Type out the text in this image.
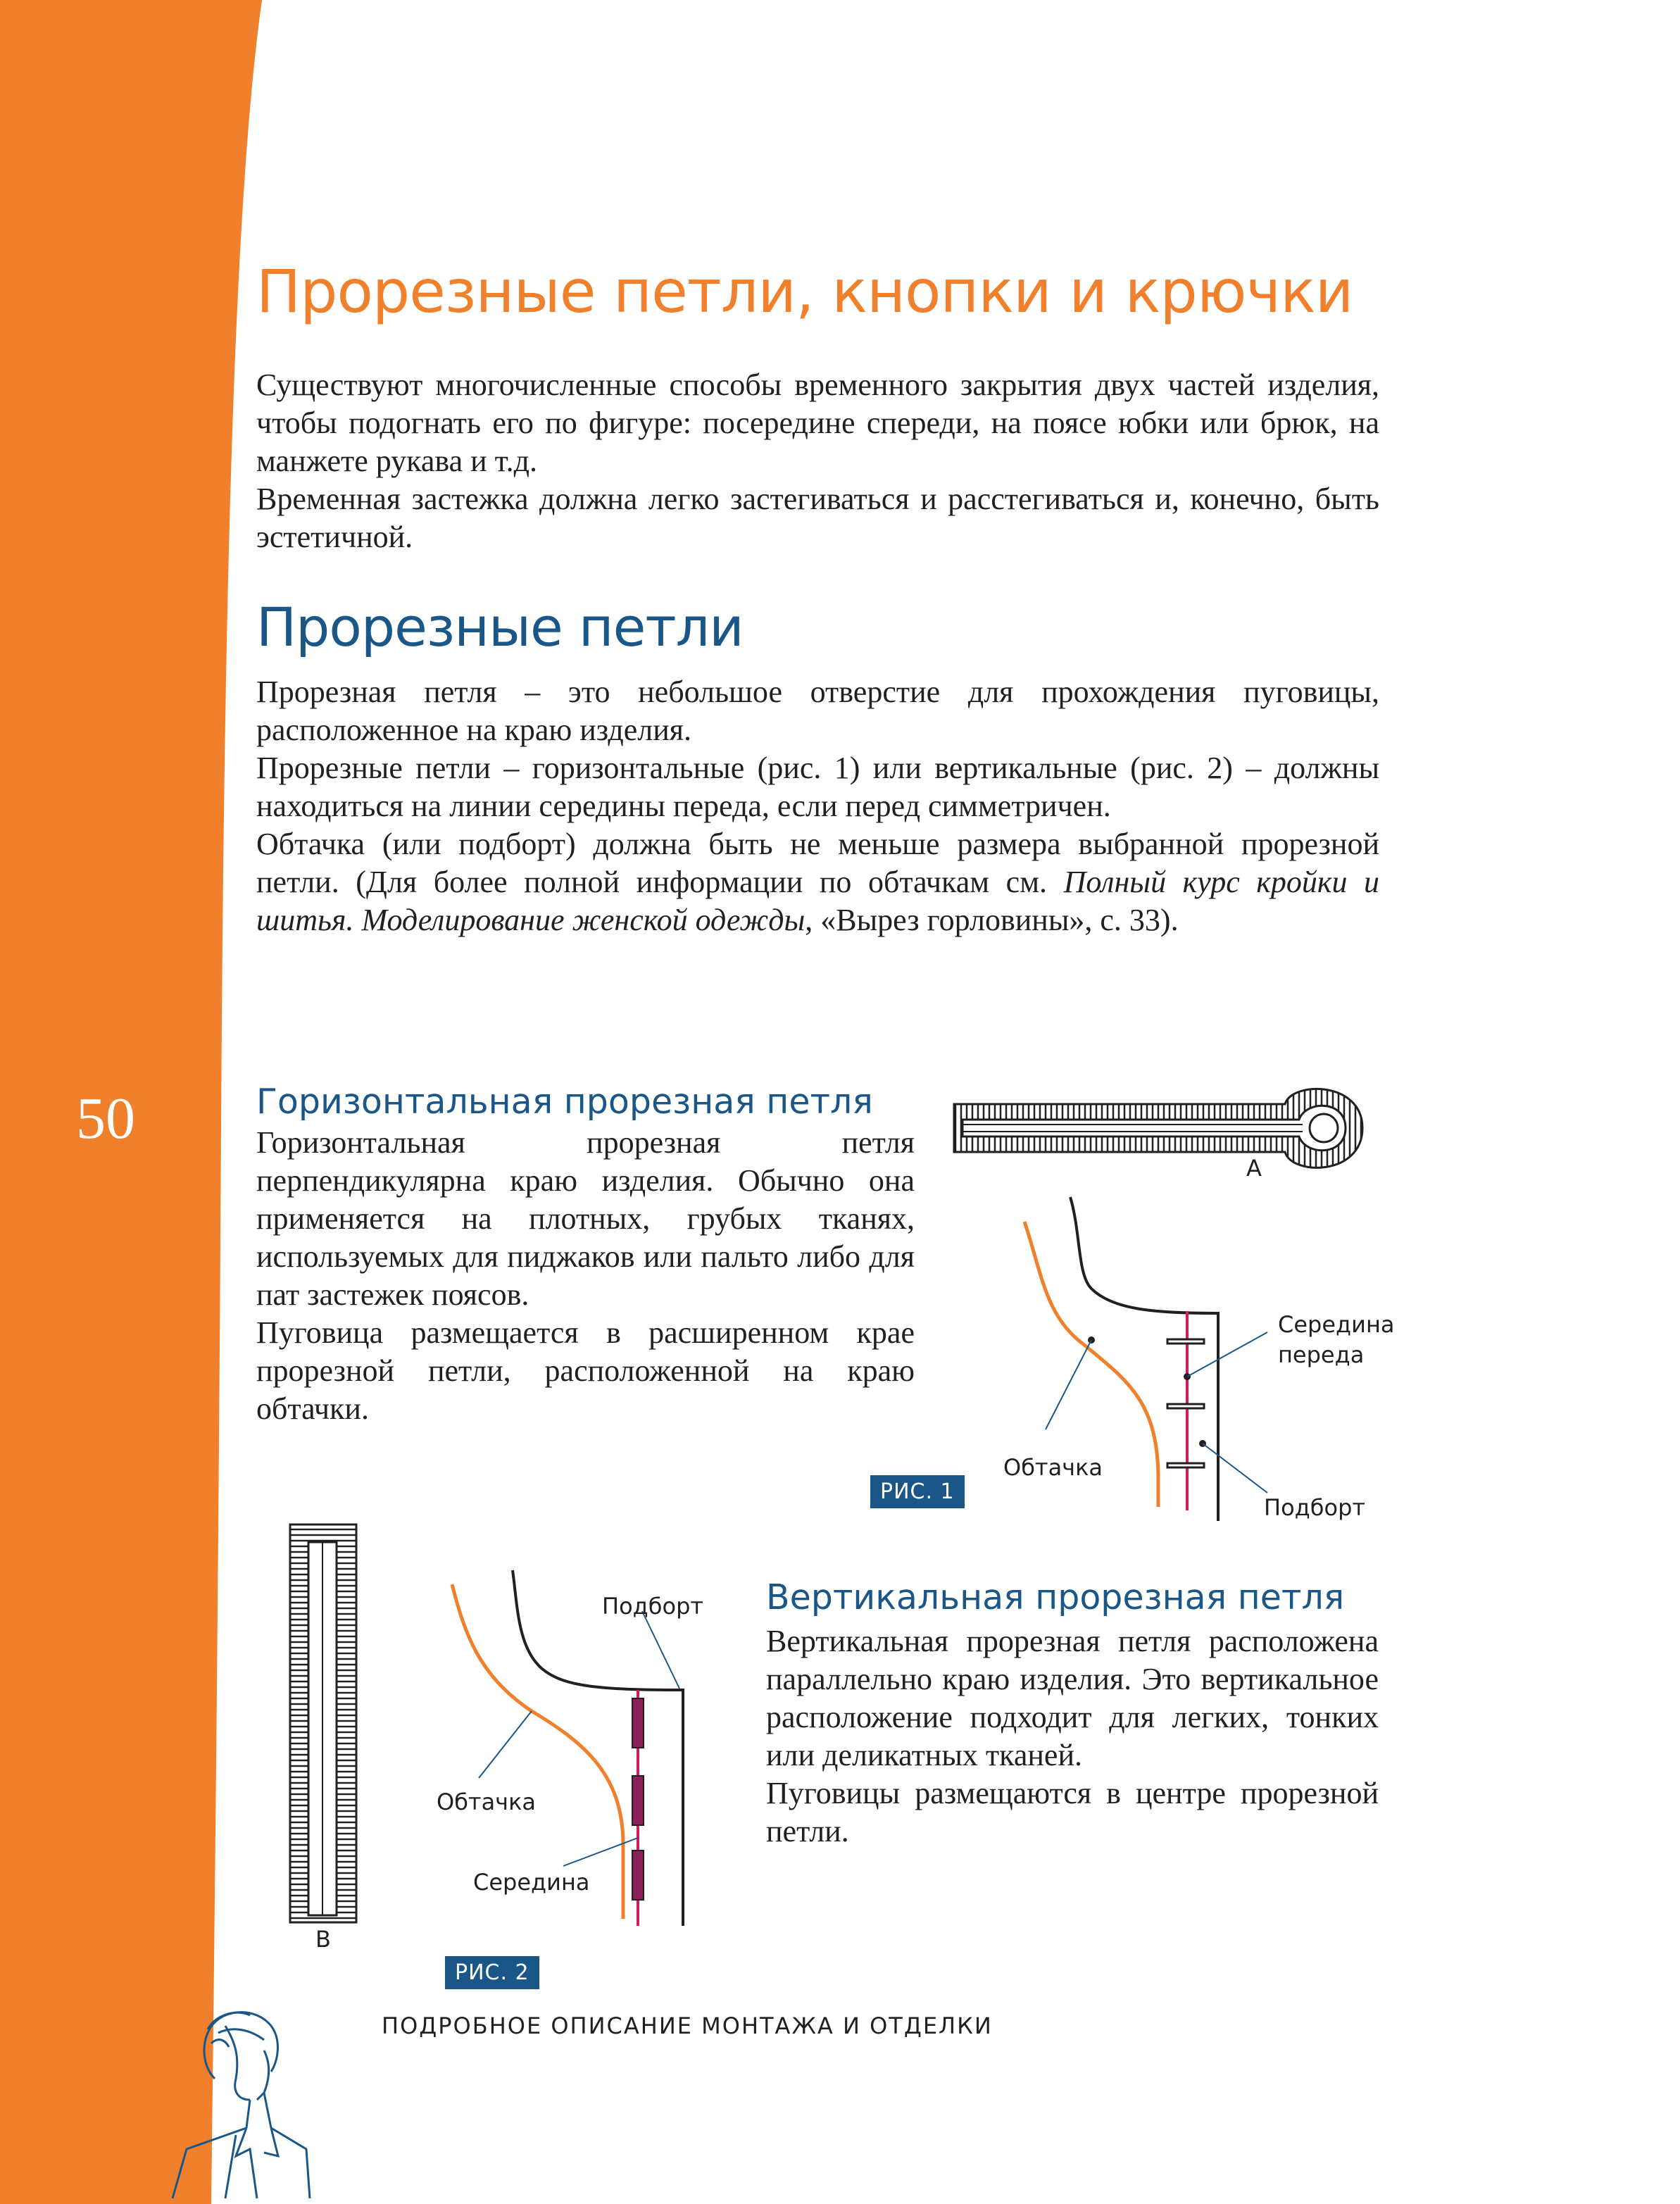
50
Прорезные петли, кнопки и крючки

Существуют многочисленные способы временного закрытия двух частей изделия, чтобы подогнать его по фигуре: посередине спереди, на поясе юбки или брюк, на манжете рукава и т.д.

Временная застежка должна легко застегиваться и расстегиваться и, конечно, быть эстетичной.

Прорезные петли

Прорезная петля – это небольшое отверстие для прохождения пуговицы, расположенное на краю изделия.

Прорезные петли – горизонтальные (рис. 1) или вертикальные (рис. 2) – должны находиться на линии середины переда, если перед симметричен.

Обтачка (или подборт) должна быть не меньше размера выбранной прорезной петли. (Для более полной информации по обтачкам см. Полный курс кройки и шитья. Моделирование женской одежды, «Вырез горловины», с. 33).

Горизонтальная прорезная петля

Горизонтальная прорезная петля перпендикулярна краю изделия. Обычно она применяется на плотных, грубых тканях, используемых для пиджаков или пальто либо для пат застежек поясов.

Пуговица размещается в расширенном крае прорезной петли, расположенной на краю обтачки.

А
Середина
переда
Обтачка
Подборт
РИС. 1
В
Подборт
Обтачка
Середина
РИС. 2
Вертикальная прорезная петля

Вертикальная прорезная петля расположена параллельно краю изделия. Это вертикальное расположение подходит для легких, тонких или деликатных тканей.

Пуговицы размещаются в центре прорезной петли.

ПОДРОБНОЕ ОПИСАНИЕ МОНТАЖА И ОТДЕЛКИ
